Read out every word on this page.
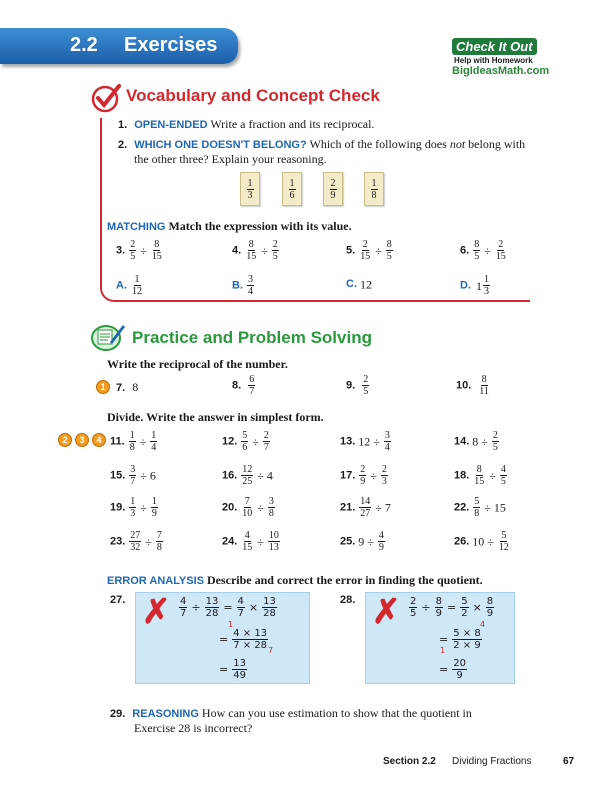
2.2 Exercises	Check It Out
Help with Homework
BigIdeasMath.com
Vocabulary and Concept Check
1. OPEN-ENDED Write a fraction and its reciprocal.
2. WHICH ONE DOESN'T BELONG? Which of the following does not belong with
the other three? Explain your reasoning.
$\frac{1}{3}$	$\frac{1}{6}$	$\frac{2}{9}$	$\frac{1}{8}$
MATCHING Match the expression with its value.
3. $\frac{2}{5} \div \frac{8}{15}$	4. $\frac{8}{15} \div \frac{2}{5}$	5. $\frac{2}{15} \div \frac{8}{5}$	6. $\frac{8}{5} \div \frac{2}{15}$
A. $\frac{1}{12}$	B. $\frac{3}{4}$	C. 12	D. $1 \frac{1}{3}$
Practice and Problem Solving
Write the reciprocal of the number.
1 7. 8	8. $\frac{6}{7}$	9. $\frac{2}{5}$	10. $\frac{8}{11}$
Divide. Write the answer in simplest form.
2	3	4 11. $\frac{1}{8} \div \frac{1}{4}$	12. $\frac{5}{6} \div \frac{2}{7}$	13. $12 \div \frac{3}{4}$	14. $8 \div \frac{2}{5}$
15. $\frac{3}{7} \div 6$	16. $\frac{12}{25} \div 4$	17. $\frac{2}{9} \div \frac{2}{3}$	18. $\frac{8}{15} \div \frac{4}{5}$
19. $\frac{1}{3} \div \frac{1}{9}$	20. $\frac{7}{10} \div \frac{3}{8}$	21. $\frac{14}{27} \div 7$	22. $\frac{5}{8} \div 15$
23. $\frac{27}{32} \div \frac{7}{8}$	24. $\frac{4}{15} \div \frac{10}{13}$	25. $9 \div \frac{4}{9}$	26. $10 \div \frac{5}{12}$
ERROR ANALYSIS Describe and correct the error in finding the quotient.
27. ✗ $\frac{4}{7} \div \frac{13}{28} = \frac{4}{7} \times \frac{13}{28}$
1
7
= $\frac{4 \times 13}{7 \times 28}$
= $\frac{13}{49}$
28. ✗ $\frac{2}{5} \div \frac{8}{9} = \frac{5}{2} \times \frac{8}{9}$
4
1
= $\frac{5 \times 8}{2 \times 9}$
= $\frac{20}{9}$
29. REASONING How can you use estimation to show that the quotient in
Exercise 28 is incorrect?
Section 2.2 Dividing Fractions	67
